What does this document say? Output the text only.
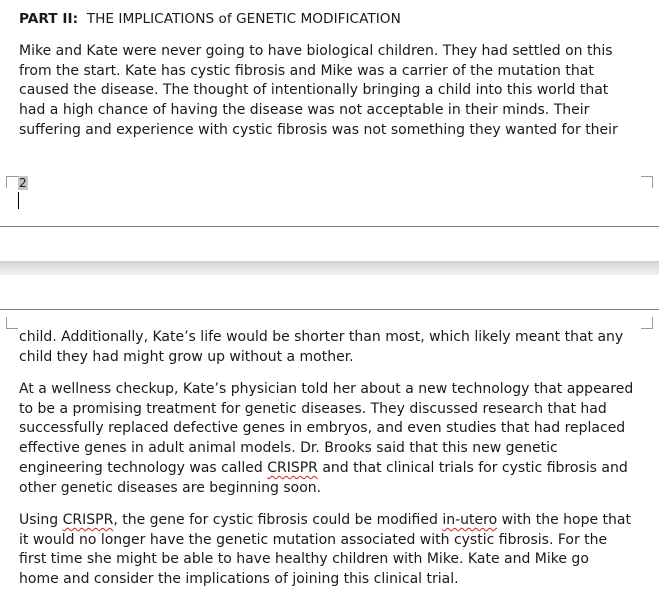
PART II: THE IMPLICATIONS of GENETIC MODIFICATION
Mike and Kate were never going to have biological children. They had settled on this
from the start. Kate has cystic fibrosis and Mike was a carrier of the mutation that
caused the disease. The thought of intentionally bringing a child into this world that
had a high chance of having the disease was not acceptable in their minds. Their
suffering and experience with cystic fibrosis was not something they wanted for their
2
child. Additionally, Kate’s life would be shorter than most, which likely meant that any
child they had might grow up without a mother.
At a wellness checkup, Kate’s physician told her about a new technology that appeared
to be a promising treatment for genetic diseases. They discussed research that had
successfully replaced defective genes in embryos, and even studies that had replaced
effective genes in adult animal models. Dr. Brooks said that this new genetic
engineering technology was called CRISPR and that clinical trials for cystic fibrosis and
other genetic diseases are beginning soon.
Using CRISPR, the gene for cystic fibrosis could be modified in-utero with the hope that
it would no longer have the genetic mutation associated with cystic fibrosis. For the
first time she might be able to have healthy children with Mike. Kate and Mike go
home and consider the implications of joining this clinical trial.
